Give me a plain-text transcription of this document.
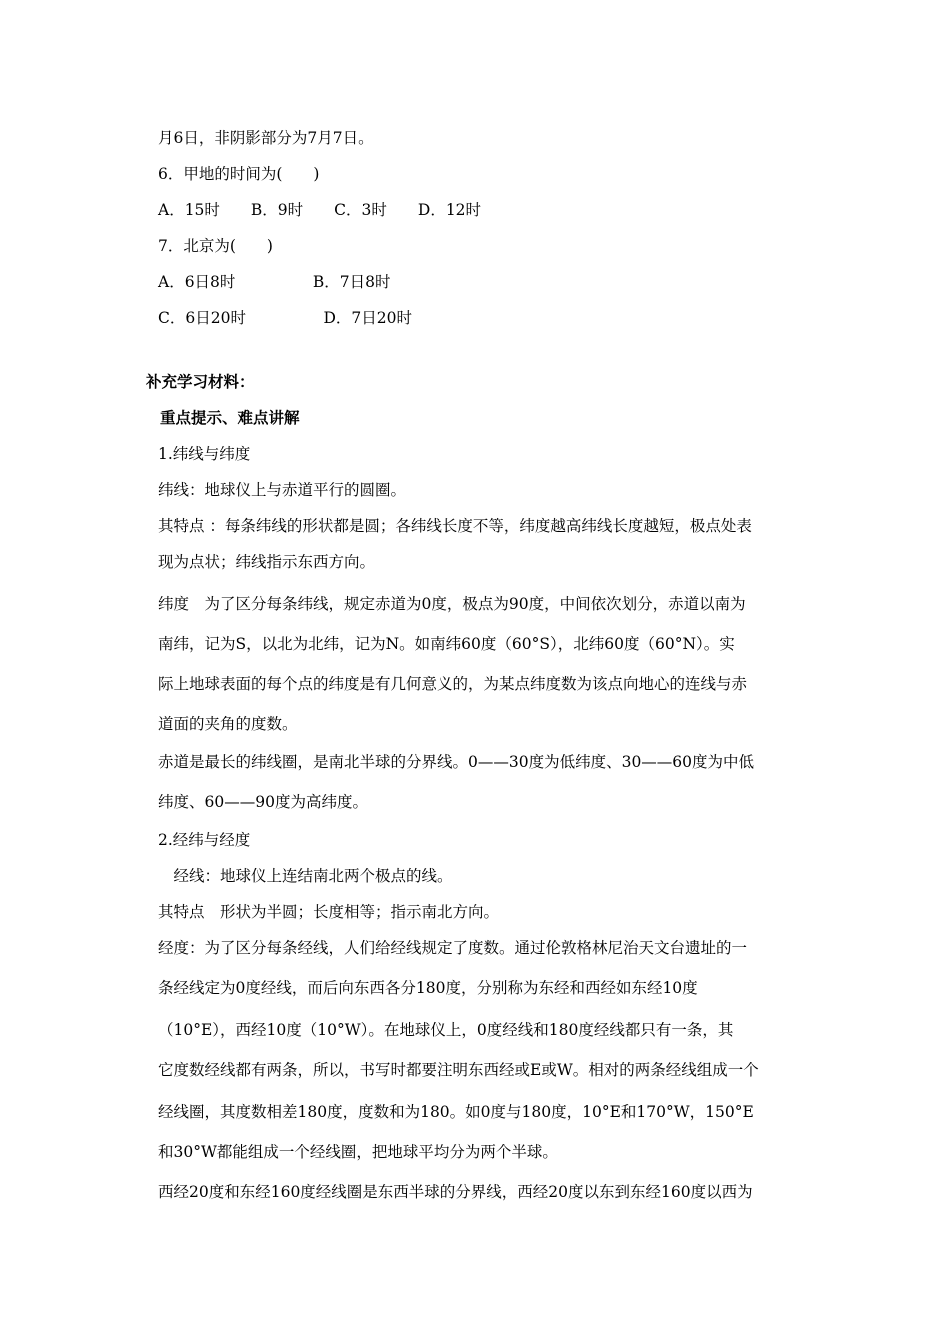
月6日，非阴影部分为7月7日。
6．甲地的时间为(　　)
A．15时　　B．9时　　C．3时　　D．12时
7．北京为(　　)
A．6日8时　　　　　B．7日8时
C．6日20时　　　　　D．7日20时
补充学习材料：
重点提示、难点讲解
1.纬线与纬度
纬线：地球仪上与赤道平行的圆圈。
其特点 ：每条纬线的形状都是圆；各纬线长度不等，纬度越高纬线长度越短，极点处表
现为点状；纬线指示东西方向。
纬度　为了区分每条纬线，规定赤道为0度，极点为90度，中间依次划分，赤道以南为
南纬，记为S，以北为北纬，记为N。如南纬60度（60°S），北纬60度（60°N）。实
际上地球表面的每个点的纬度是有几何意义的，为某点纬度数为该点向地心的连线与赤
道面的夹角的度数。
赤道是最长的纬线圈，是南北半球的分界线。0——30度为低纬度、30——60度为中低
纬度、60——90度为高纬度。
2.经纬与经度
　经线：地球仪上连结南北两个极点的线。
其特点　形状为半圆；长度相等；指示南北方向。
经度：为了区分每条经线，人们给经线规定了度数。通过伦敦格林尼治天文台遗址的一
条经线定为0度经线，而后向东西各分180度，分别称为东经和西经如东经10度
（10°E），西经10度（10°W）。在地球仪上，0度经线和180度经线都只有一条，其
它度数经线都有两条，所以，书写时都要注明东西经或E或W。相对的两条经线组成一个
经线圈，其度数相差180度，度数和为180。如0度与180度，10°E和170°W，150°E
和30°W都能组成一个经线圈，把地球平均分为两个半球。
西经20度和东经160度经线圈是东西半球的分界线，西经20度以东到东经160度以西为
